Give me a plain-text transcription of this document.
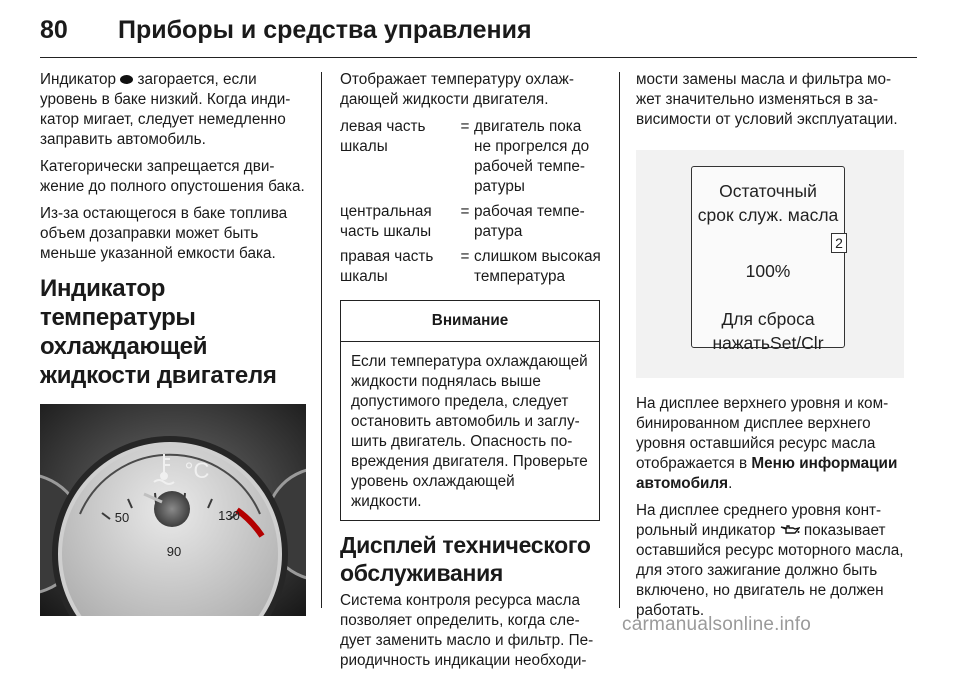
80 Приборы и средства управления

Индикатор  загорается, если уровень в баке низкий. Когда индикатор мигает, следует немедленно заправить автомобиль.

Категорически запрещается движение до полного опустошения бака.

Из-за остающегося в баке топлива объем дозаправки может быть меньше указанной емкости бака.

Индикатор температуры охлаждающей жидкости двигателя
50	130
90
°C

Отображает температуру охлаждающей жидкости двигателя.

левая часть шкалы	=	двигатель пока не прогрелся до рабочей температуры
центральная часть шкалы	=	рабочая температура
правая часть шкалы	=	слишком высокая температура
Внимание
Если температура охлаждающей жидкости поднялась выше допустимого предела, следует остановить автомобиль и заглушить двигатель. Опасность повреждения двигателя. Проверьте уровень охлаждающей жидкости.
Дисплей технического обслуживания

Система контроля ресурса масла позволяет определить, когда следует заменить масло и фильтр. Периодичность индикации необходи-

мости замены масла и фильтра может значительно изменяться в зависимости от условий эксплуатации.

Остаточный
срок служ. масла
2
100%
Для сброса
нажатьSet/Clr

На дисплее верхнего уровня и комбинированном дисплее верхнего уровня оставшийся ресурс масла отображается в Меню информации автомобиля.

На дисплее среднего уровня контрольный индикатор  показывает оставшийся ресурс моторного масла, для этого зажигание должно быть включено, но двигатель не должен работать.

carmanualsonline.info
